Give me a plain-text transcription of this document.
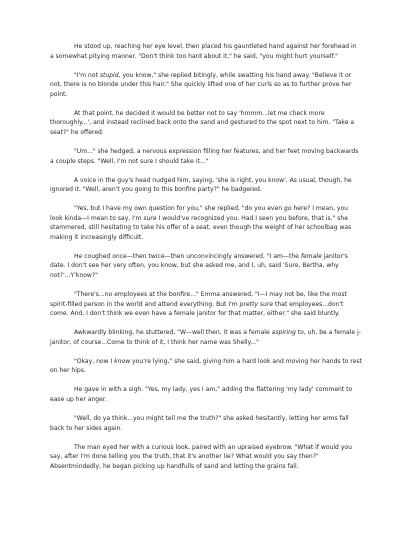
He stood up, reaching her eye level, then placed his gauntleted hand against her forehead in a somewhat pitying manner. "Don't think too hard about it," he said, "you might hurt yourself."

"I'm not stupid, you know," she replied bitingly, while swatting his hand away. "Believe it or not, there is no blonde under this hair." She quickly lifted one of her curls so as to further prove her point.

At that point, he decided it would be better not to say 'hmmm...let me check more thoroughly...', and instead reclined back onto the sand and gestured to the spot next to him. "Take a seat?" he offered.

"Um..." she hedged, a nervous expression filling her features, and her feet moving backwards a couple steps. "Well, I'm not sure I should take it..."

A voice in the guy's head nudged him, saying, 'she is right, you know'. As usual, though, he ignored it. "Well, aren't you going to this bonfire party?" he badgered.

"Yes, but I have my own question for you," she replied, "do you even go here? I mean, you look kinda—I mean to say, I'm sure I would've recognized you. Had I seen you before, that is." she stammered, still hesitating to take his offer of a seat, even though the weight of her schoolbag was making it increasingly difficult.

He coughed once—then twice—then unconvincingly answered, "I am—the female janitor's date. I don't see her very often, you know, but she asked me, and I, uh, said 'Sure, Bertha, why not?'...Y'know?"

"There's...no employees at the bonfire..." Emma answered, "I—I may not be, like the most spirit-filled person in the world and attend everything. But I'm pretty sure that employees...don't come. And, I don't think we even have a female janitor for that matter, either." she said bluntly.

Awkwardly blinking, he stuttered, "W—well then, it was a female aspiring to, uh, be a female j-janitor, of course...Come to think of it, I think her name was Shelly..."

"Okay, now I know you're lying," she said, giving him a hard look and moving her hands to rest on her hips.

He gave in with a sigh. "Yes, my lady, yes I am," adding the flattering 'my lady' comment to ease up her anger.

"Well, do ya think...you might tell me the truth?" she asked hesitantly, letting her arms fall back to her sides again.

The man eyed her with a curious look, paired with an upraised eyebrow. "What if would you say, after I'm done telling you the truth, that it's another lie? What would you say then?" Absentmindedly, he began picking up handfulls of sand and letting the grains fall.
